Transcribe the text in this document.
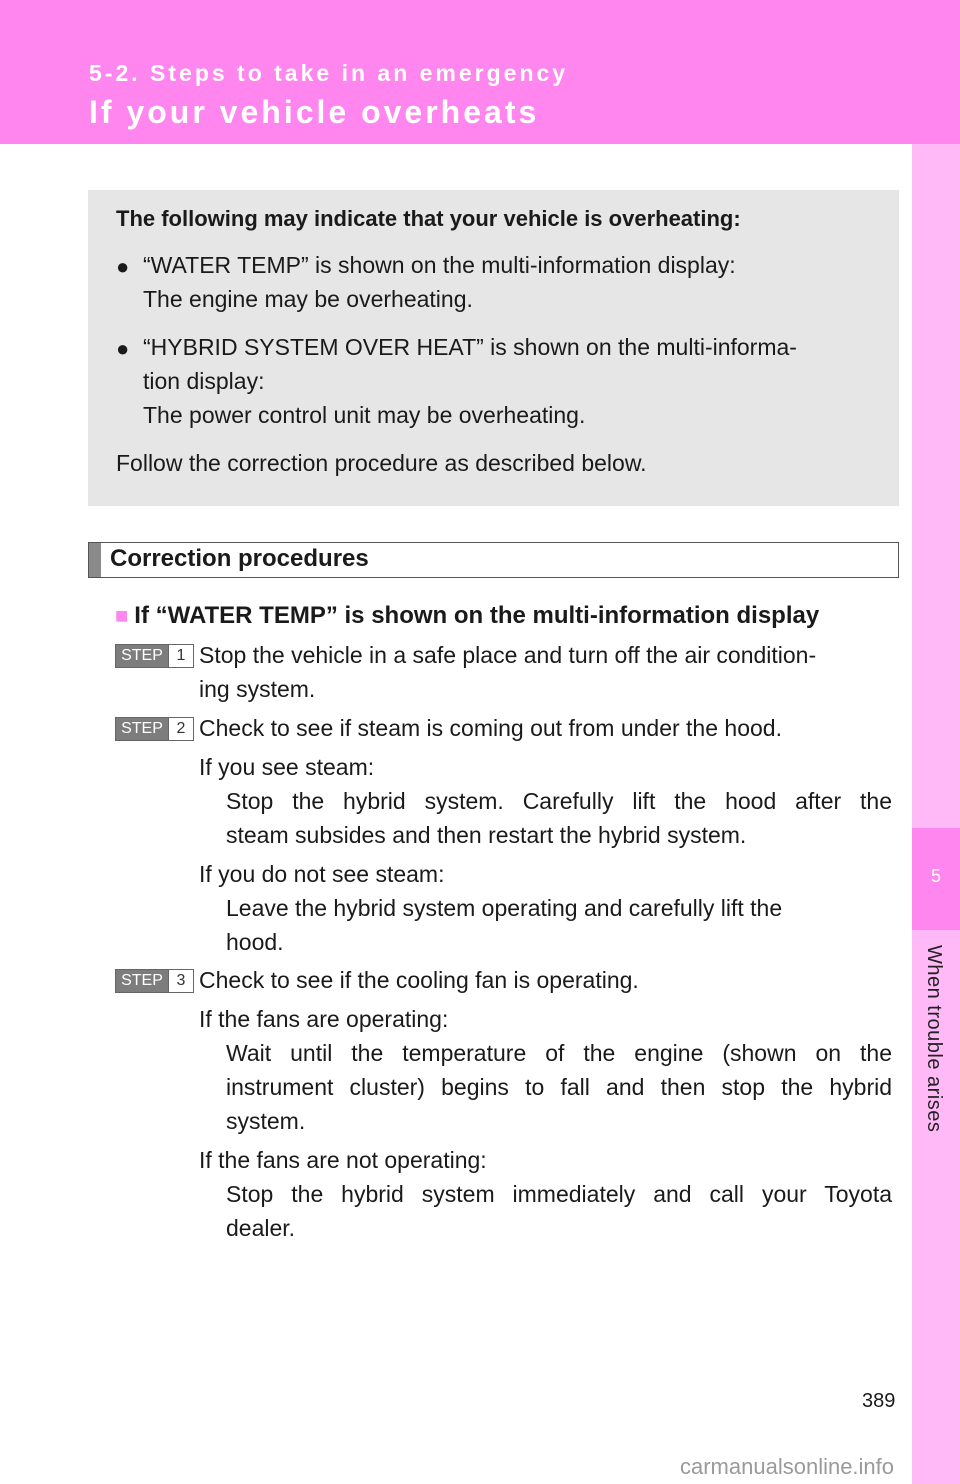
5-2. Steps to take in an emergency
If your vehicle overheats
5
When trouble arises
The following may indicate that your vehicle is overheating:
● “WATER TEMP” is shown on the multi-information display:
The engine may be overheating.
● “HYBRID SYSTEM OVER HEAT” is shown on the multi-informa-
tion display:
The power control unit may be overheating.
Follow the correction procedure as described below.
Correction procedures
■ If “WATER TEMP” is shown on the multi-information display
STEP 1 Stop the vehicle in a safe place and turn off the air condition-
ing system.
STEP 2 Check to see if steam is coming out from under the hood.
If you see steam:
Stop the hybrid system. Carefully lift the hood after the
steam subsides and then restart the hybrid system.
If you do not see steam:
Leave the hybrid system operating and carefully lift the
hood.
STEP 3 Check to see if the cooling fan is operating.
If the fans are operating:
Wait until the temperature of the engine (shown on the
instrument cluster) begins to fall and then stop the hybrid
system.
If the fans are not operating:
Stop the hybrid system immediately and call your Toyota
dealer.
389
carmanualsonline.info
